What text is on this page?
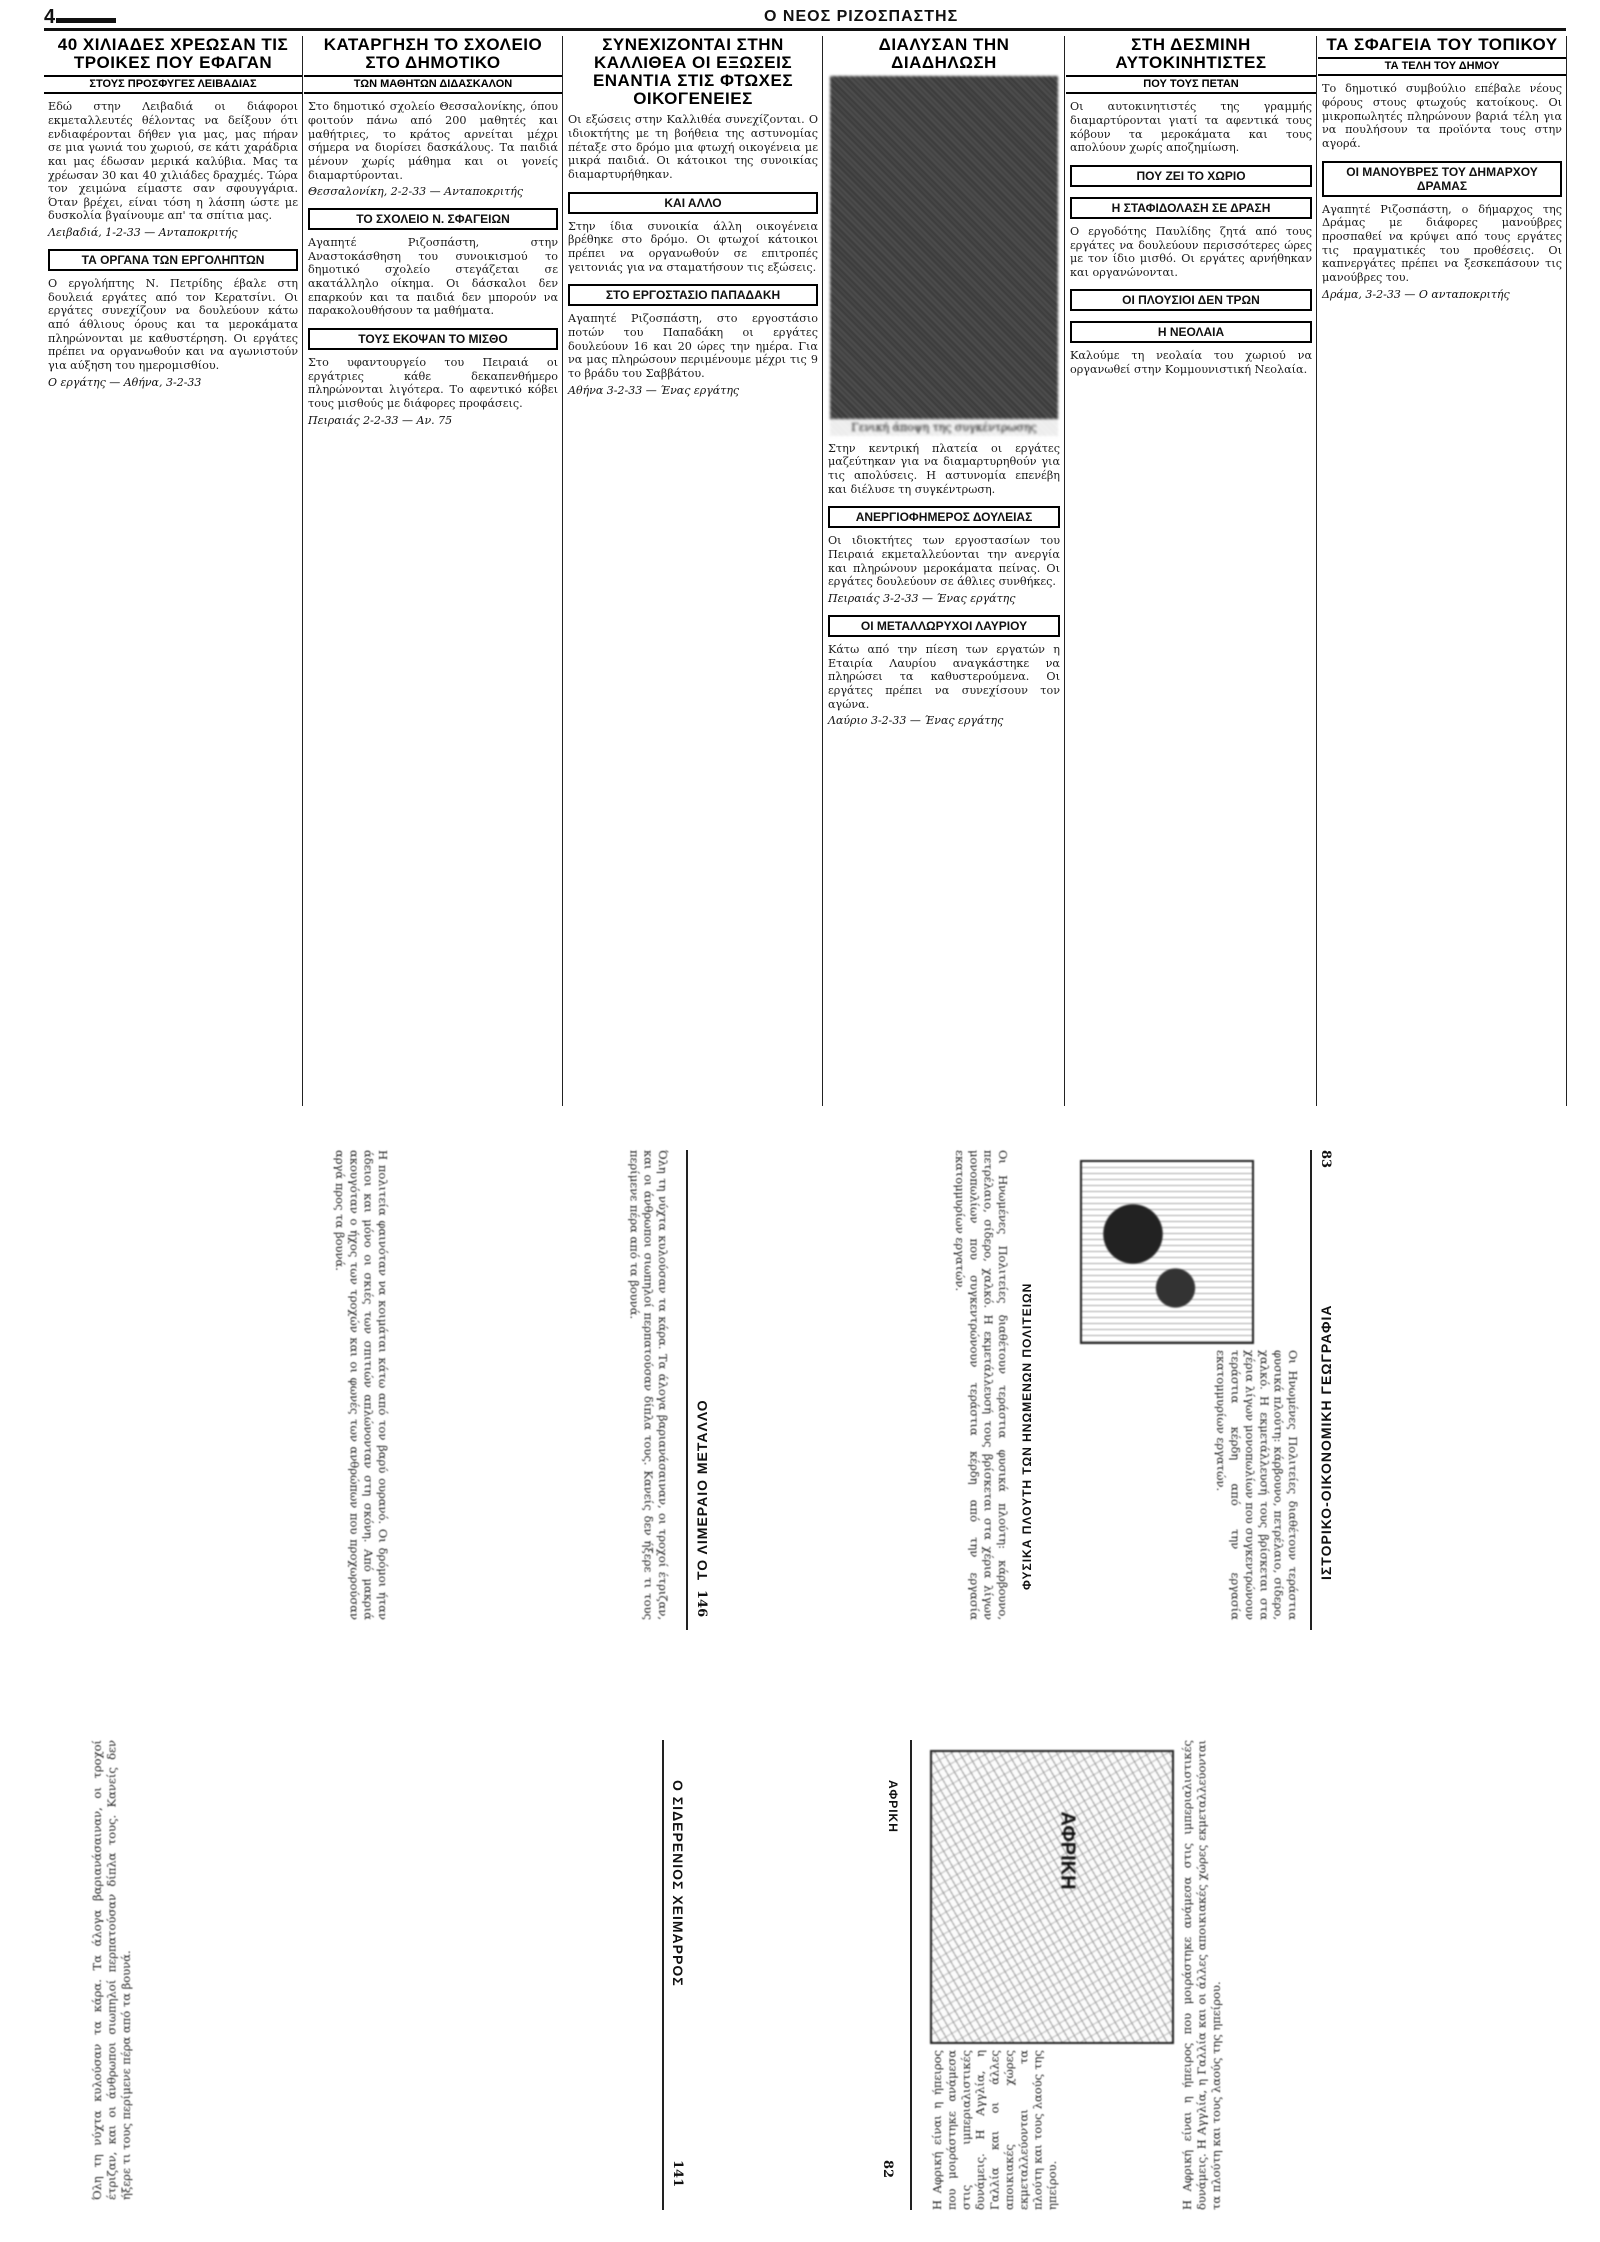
4	Ο ΝΕΟΣ ΡΙΖΟΣΠΑΣΤΗΣ
40 ΧΙΛΙΑΔΕΣ ΧΡΕΩΣΑΝ ΤΙΣ ΤΡΟΙΚΕΣ ΠΟΥ ΕΦΑΓΑΝ
ΣΤΟΥΣ ΠΡΟΣΦΥΓΕΣ ΛΕΙΒΑΔΙΑΣ
Εδώ στην Λειβαδιά οι διάφοροι εκμεταλλευτές θέλοντας να δείξουν ότι ενδιαφέρονται δήθεν για μας, μας πήραν σε μια γωνιά του χωριού, σε κάτι χαράδρια και μας έδωσαν μερικά καλύβια. Μας τα χρέωσαν 30 και 40 χιλιάδες δραχμές. Τώρα τον χειμώνα είμαστε σαν σφουγγάρια. Όταν βρέχει, είναι τόση η λάσπη ώστε με δυσκολία βγαίνουμε απ' τα σπίτια μας.
Λειβαδιά, 1-2-33 — Ανταποκριτής
ΤΑ ΟΡΓΑΝΑ ΤΩΝ ΕΡΓΟΛΗΠΤΩΝ
Ο εργολήπτης Ν. Πετρίδης έβαλε στη δουλειά εργάτες από τον Κερατσίνι. Οι εργάτες συνεχίζουν να δουλεύουν κάτω από άθλιους όρους και τα μεροκάματα πληρώνονται με καθυστέρηση. Οι εργάτες πρέπει να οργανωθούν και να αγωνιστούν για αύξηση του ημερομισθίου.
Ο εργάτης — Αθήνα, 3-2-33
ΚΑΤΑΡΓΗΣΗ ΤΟ ΣΧΟΛΕΙΟ ΣΤΟ ΔΗΜΟΤΙΚΟ
ΤΩΝ ΜΑΘΗΤΩΝ ΔΙΔΑΣΚΑΛΟΝ
Στο δημοτικό σχολείο Θεσσαλονίκης, όπου φοιτούν πάνω από 200 μαθητές και μαθήτριες, το κράτος αρνείται μέχρι σήμερα να διορίσει δασκάλους. Τα παιδιά μένουν χωρίς μάθημα και οι γονείς διαμαρτύρονται.
Θεσσαλονίκη, 2-2-33 — Ανταποκριτής
ΤΟ ΣΧΟΛΕΙΟ Ν. ΣΦΑΓΕΙΩΝ
Αγαπητέ Ριζοσπάστη, στην Αναστοκάσθηση του συνοικισμού το δημοτικό σχολείο στεγάζεται σε ακατάλληλο οίκημα. Οι δάσκαλοι δεν επαρκούν και τα παιδιά δεν μπορούν να παρακολουθήσουν τα μαθήματα.
ΤΟΥΣ ΕΚΟΨΑΝ ΤΟ ΜΙΣΘΟ
Στο υφαντουργείο του Πειραιά οι εργάτριες κάθε δεκαπενθήμερο πληρώνονται λιγότερα. Το αφεντικό κόβει τους μισθούς με διάφορες προφάσεις.
Πειραιάς 2-2-33 — Αν. 75
ΣΥΝΕΧΙΖΟΝΤΑΙ ΣΤΗΝ ΚΑΛΛΙΘΕΑ ΟΙ ΕΞΩΣΕΙΣ ΕΝΑΝΤΙΑ ΣΤΙΣ ΦΤΩΧΕΣ ΟΙΚΟΓΕΝΕΙΕΣ
Οι εξώσεις στην Καλλιθέα συνεχίζονται. Ο ιδιοκτήτης με τη βοήθεια της αστυνομίας πέταξε στο δρόμο μια φτωχή οικογένεια με μικρά παιδιά. Οι κάτοικοι της συνοικίας διαμαρτυρήθηκαν.
ΚΑΙ ΑΛΛΟ
Στην ίδια συνοικία άλλη οικογένεια βρέθηκε στο δρόμο. Οι φτωχοί κάτοικοι πρέπει να οργανωθούν σε επιτροπές γειτονιάς για να σταματήσουν τις εξώσεις.
ΣΤΟ ΕΡΓΟΣΤΑΣΙΟ ΠΑΠΑΔΑΚΗ
Αγαπητέ Ριζοσπάστη, στο εργοστάσιο ποτών του Παπαδάκη οι εργάτες δουλεύουν 16 και 20 ώρες την ημέρα. Για να μας πληρώσουν περιμένουμε μέχρι τις 9 το βράδυ του Σαββάτου.
Αθήνα 3-2-33 — Ένας εργάτης
ΔΙΑΛΥΣΑΝ ΤΗΝ ΔΙΑΔΗΛΩΣΗ
Γενική άποψη της συγκέντρωσης
Στην κεντρική πλατεία οι εργάτες μαζεύτηκαν για να διαμαρτυρηθούν για τις απολύσεις. Η αστυνομία επενέβη και διέλυσε τη συγκέντρωση.
ΑΝΕΡΓΙΟΦΗΜΕΡΟΣ ΔΟΥΛΕΙΑΣ
Οι ιδιοκτήτες των εργοστασίων του Πειραιά εκμεταλλεύονται την ανεργία και πληρώνουν μεροκάματα πείνας. Οι εργάτες δουλεύουν σε άθλιες συνθήκες.
Πειραιάς 3-2-33 — Ένας εργάτης
ΟΙ ΜΕΤΑΛΛΩΡΥΧΟΙ ΛΑΥΡΙΟΥ
Κάτω από την πίεση των εργατών η Εταιρία Λαυρίου αναγκάστηκε να πληρώσει τα καθυστερούμενα. Οι εργάτες πρέπει να συνεχίσουν τον αγώνα.
Λαύριο 3-2-33 — Ένας εργάτης
ΣΤΗ ΔΕΣΜΙΝΗ ΑΥΤΟΚΙΝΗΤΙΣΤΕΣ
ΠΟΥ ΤΟΥΣ ΠΕΤΑΝ
Οι αυτοκινητιστές της γραμμής διαμαρτύρονται γιατί τα αφεντικά τους κόβουν τα μεροκάματα και τους απολύουν χωρίς αποζημίωση.
ΠΟΥ ΖΕΙ ΤΟ ΧΩΡΙΟ
Η ΣΤΑΦΙΔΟΛΑΣΗ ΣΕ ΔΡΑΣΗ
Ο εργοδότης Παυλίδης ζητά από τους εργάτες να δουλεύουν περισσότερες ώρες με τον ίδιο μισθό. Οι εργάτες αρνήθηκαν και οργανώνονται.
ΟΙ ΠΛΟΥΣΙΟΙ ΔΕΝ ΤΡΩΝ
Η ΝΕΟΛΑΙΑ
Καλούμε τη νεολαία του χωριού να οργανωθεί στην Κομμουνιστική Νεολαία.
ΤΑ ΣΦΑΓΕΙΑ ΤΟΥ ΤΟΠΙΚΟΥ
ΤΑ ΤΕΛΗ ΤΟΥ ΔΗΜΟΥ
Το δημοτικό συμβούλιο επέβαλε νέους φόρους στους φτωχούς κατοίκους. Οι μικροπωλητές πληρώνουν βαριά τέλη για να πουλήσουν τα προϊόντα τους στην αγορά.
ΟΙ ΜΑΝΟΥΒΡΕΣ ΤΟΥ ΔΗΜΑΡΧΟΥ ΔΡΑΜΑΣ
Αγαπητέ Ριζοσπάστη, ο δήμαρχος της Δράμας με διάφορες μανούβρες προσπαθεί να κρύψει από τους εργάτες τις πραγματικές του προθέσεις. Οι καπνεργάτες πρέπει να ξεσκεπάσουν τις μανούβρες του.
Δράμα, 3-2-33 — Ο ανταποκριτής
Η πολιτεία φαινόταν να κοιμάται κάτω από τον βαρύ ουρανό. Οι δρόμοι ήταν άδειοι και μόνο οι σκιές των σπιτιών απλώνονταν στη σκόνη. Από μακριά ακουγόταν ο ήχος των τροχών και οι φωνές των ανθρώπων που προχωρούσαν αργά προς τα βουνά.	Όλη τη νύχτα κυλούσαν τα κάρα. Τα άλογα βαριανάσαιναν, οι τροχοί έτριζαν, και οι άνθρωποι σιωπηλοί περπατούσαν δίπλα τους. Κανείς δεν ήξερε τι τους περίμενε πέρα από τα βουνά.
ΤΟ ΛΙΜΕΡΑΙΟ ΜΕΤΑΛΛΟ
146	Οι Ηνωμένες Πολιτείες διαθέτουν τεράστια φυσικά πλούτη: κάρβουνο, πετρέλαιο, σίδερο, χαλκό. Η εκμετάλλευσή τους βρίσκεται στα χέρια λίγων μονοπωλίων που συγκεντρώνουν τεράστια κέρδη από την εργασία εκατομμυρίων εργατών.
ΦΥΣΙΚΑ ΠΛΟΥΤΗ ΤΩΝ ΗΝΩΜΕΝΩΝ ΠΟΛΙΤΕΙΩΝ	Οι Ηνωμένες Πολιτείες διαθέτουν τεράστια φυσικά πλούτη: κάρβουνο, πετρέλαιο, σίδερο, χαλκό. Η εκμετάλλευσή τους βρίσκεται στα χέρια λίγων μονοπωλίων που συγκεντρώνουν τεράστια κέρδη από την εργασία εκατομμυρίων εργατών.	ΙΣΤΟΡΙΚΟ-ΟΙΚΟΝΟΜΙΚΗ ΓΕΩΓΡΑΦΙΑ
83
Όλη τη νύχτα κυλούσαν τα κάρα. Τα άλογα βαριανάσαιναν, οι τροχοί έτριζαν, και οι άνθρωποι σιωπηλοί περπατούσαν δίπλα τους. Κανείς δεν ήξερε τι τους περίμενε πέρα από τα βουνά.
Ο ΣΙΔΕΡΕΝΙΟΣ ΧΕΙΜΑΡΡΟΣ
141	82
ΑΦΡΙΚΗ
ΑΦΡΙΚΗ
Η Αφρική είναι η ήπειρος που μοιράστηκε ανάμεσα στις ιμπεριαλιστικές δυνάμεις. Η Αγγλία, η Γαλλία και οι άλλες αποικιακές χώρες εκμεταλλεύονται τα πλούτη και τους λαούς της ηπείρου.	Η Αφρική είναι η ήπειρος που μοιράστηκε ανάμεσα στις ιμπεριαλιστικές δυνάμεις. Η Αγγλία, η Γαλλία και οι άλλες αποικιακές χώρες εκμεταλλεύονται τα πλούτη και τους λαούς της ηπείρου.
